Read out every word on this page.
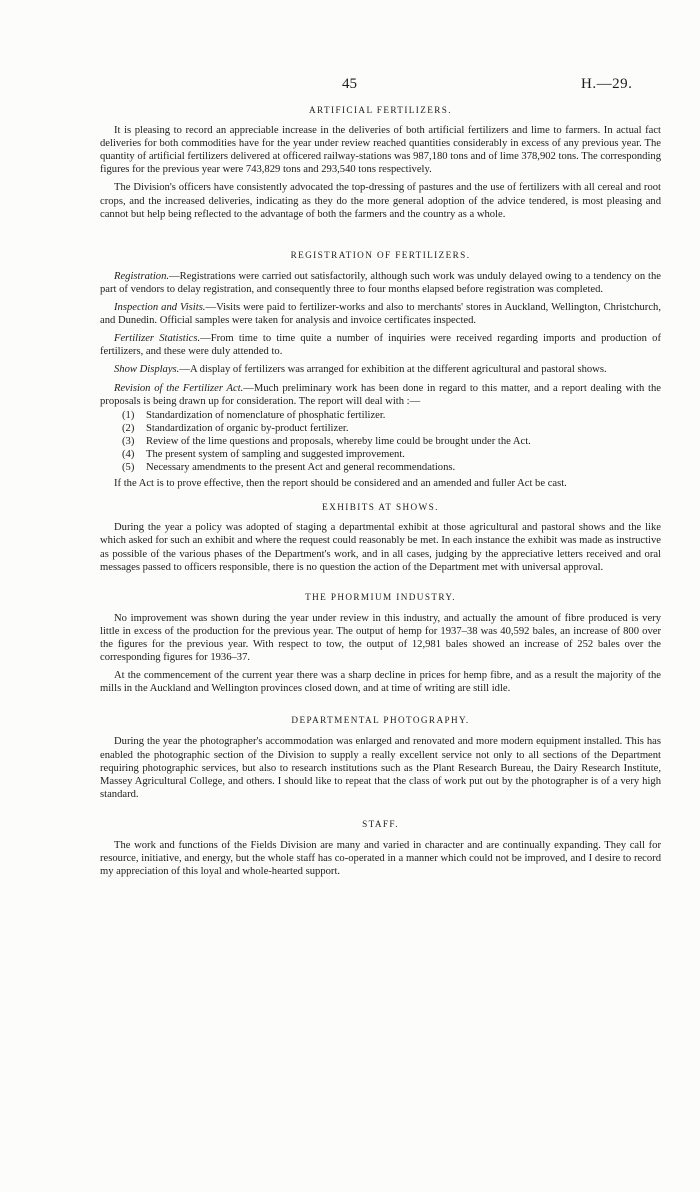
45	H.—29.
ARTIFICIAL FERTILIZERS.

It is pleasing to record an appreciable increase in the deliveries of both artificial fertilizers and lime to farmers. In actual fact deliveries for both commodities have for the year under review reached quantities considerably in excess of any previous year. The quantity of artificial fertilizers delivered at officered railway-stations was 987,180 tons and of lime 378,902 tons. The corresponding figures for the previous year were 743,829 tons and 293,540 tons respectively.

The Division's officers have consistently advocated the top-dressing of pastures and the use of fertilizers with all cereal and root crops, and the increased deliveries, indicating as they do the more general adoption of the advice tendered, is most pleasing and cannot but help being reflected to the advantage of both the farmers and the country as a whole.

REGISTRATION OF FERTILIZERS.

Registration.—Registrations were carried out satisfactorily, although such work was unduly delayed owing to a tendency on the part of vendors to delay registration, and consequently three to four months elapsed before registration was completed.

Inspection and Visits.—Visits were paid to fertilizer-works and also to merchants' stores in Auckland, Wellington, Christchurch, and Dunedin. Official samples were taken for analysis and invoice certificates inspected.

Fertilizer Statistics.—From time to time quite a number of inquiries were received regarding imports and production of fertilizers, and these were duly attended to.

Show Displays.—A display of fertilizers was arranged for exhibition at the different agricultural and pastoral shows.

Revision of the Fertilizer Act.—Much preliminary work has been done in regard to this matter, and a report dealing with the proposals is being drawn up for consideration. The report will deal with :—

(1) Standardization of nomenclature of phosphatic fertilizer.
(2) Standardization of organic by-product fertilizer.
(3) Review of the lime questions and proposals, whereby lime could be brought under the Act.
(4) The present system of sampling and suggested improvement.
(5) Necessary amendments to the present Act and general recommendations.

If the Act is to prove effective, then the report should be considered and an amended and fuller Act be cast.

EXHIBITS AT SHOWS.

During the year a policy was adopted of staging a departmental exhibit at those agricultural and pastoral shows and the like which asked for such an exhibit and where the request could reasonably be met. In each instance the exhibit was made as instructive as possible of the various phases of the Department's work, and in all cases, judging by the appreciative letters received and oral messages passed to officers responsible, there is no question the action of the Department met with universal approval.

THE PHORMIUM INDUSTRY.

No improvement was shown during the year under review in this industry, and actually the amount of fibre produced is very little in excess of the production for the previous year. The output of hemp for 1937–38 was 40,592 bales, an increase of 800 over the figures for the previous year. With respect to tow, the output of 12,981 bales showed an increase of 252 bales over the corresponding figures for 1936–37.

At the commencement of the current year there was a sharp decline in prices for hemp fibre, and as a result the majority of the mills in the Auckland and Wellington provinces closed down, and at time of writing are still idle.

DEPARTMENTAL PHOTOGRAPHY.

During the year the photographer's accommodation was enlarged and renovated and more modern equipment installed. This has enabled the photographic section of the Division to supply a really excellent service not only to all sections of the Department requiring photographic services, but also to research institutions such as the Plant Research Bureau, the Dairy Research Institute, Massey Agricultural College, and others. I should like to repeat that the class of work put out by the photographer is of a very high standard.

STAFF.

The work and functions of the Fields Division are many and varied in character and are continually expanding. They call for resource, initiative, and energy, but the whole staff has co-operated in a manner which could not be improved, and I desire to record my appreciation of this loyal and whole-hearted support.
